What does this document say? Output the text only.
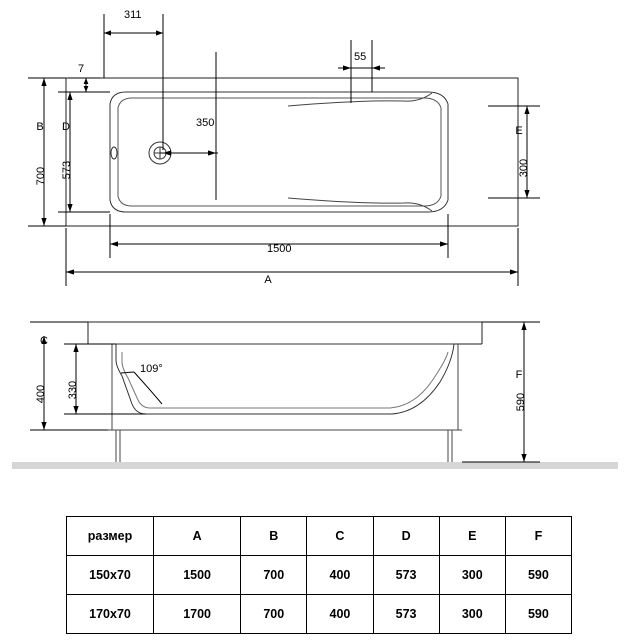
311
55
7
350
1500
B D	E
A
700 573	300
C
400 330
F
590
109°
размер	A	B	C	D	E	F
150х70	1500	700	400	573	300	590
170х70	1700	700	400	573	300	590
